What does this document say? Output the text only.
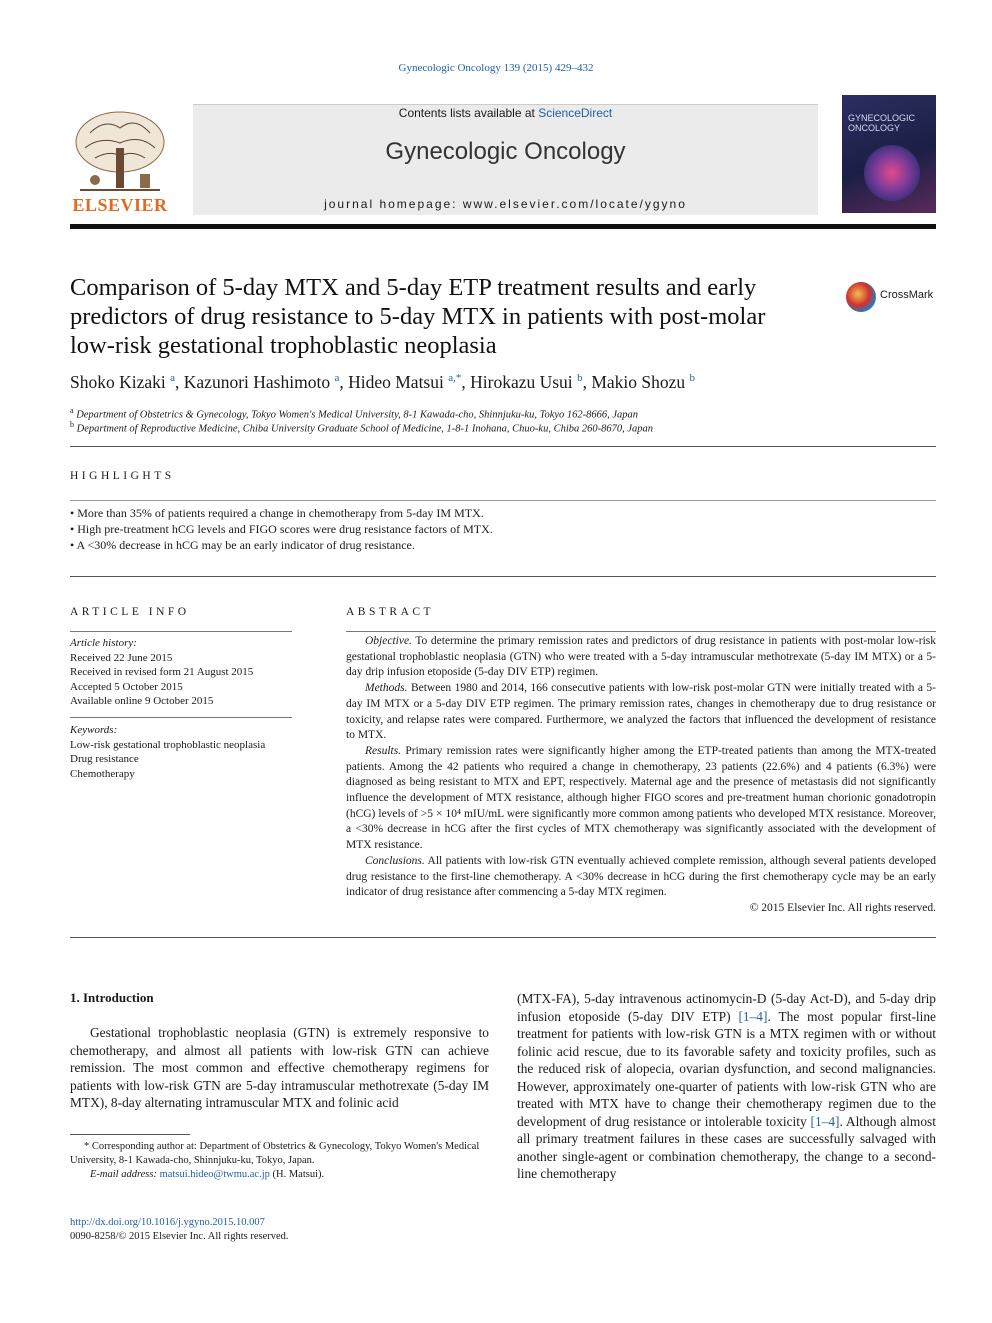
Gynecologic Oncology 139 (2015) 429–432
ELSEVIER
Contents lists available at ScienceDirect
Gynecologic Oncology
journal homepage: www.elsevier.com/locate/ygyno
GYNECOLOGIC ONCOLOGY
Comparison of 5-day MTX and 5-day ETP treatment results and early predictors of drug resistance to 5-day MTX in patients with post-molar low-risk gestational trophoblastic neoplasia
CrossMark
Shoko Kizaki $^a$, Kazunori Hashimoto $^a$, Hideo Matsui $^{a,*}$, Hirokazu Usui $^b$, Makio Shozu $^b$
$^a$ Department of Obstetrics & Gynecology, Tokyo Women's Medical University, 8-1 Kawada-cho, Shinnjuku-ku, Tokyo 162-8666, Japan
$^b$ Department of Reproductive Medicine, Chiba University Graduate School of Medicine, 1-8-1 Inohana, Chuo-ku, Chiba 260-8670, Japan
HIGHLIGHTS
• More than 35% of patients required a change in chemotherapy from 5-day IM MTX.
• High pre-treatment hCG levels and FIGO scores were drug resistance factors of MTX.
• A <30% decrease in hCG may be an early indicator of drug resistance.
ARTICLE INFO
Article history:
Received 22 June 2015
Received in revised form 21 August 2015
Accepted 5 October 2015
Available online 9 October 2015
Keywords:
Low-risk gestational trophoblastic neoplasia
Drug resistance
Chemotherapy
ABSTRACT

Objective. To determine the primary remission rates and predictors of drug resistance in patients with post-molar low-risk gestational trophoblastic neoplasia (GTN) who were treated with a 5-day intramuscular methotrexate (5-day IM MTX) or a 5-day drip infusion etoposide (5-day DIV ETP) regimen.

Methods. Between 1980 and 2014, 166 consecutive patients with low-risk post-molar GTN were initially treated with a 5-day IM MTX or a 5-day DIV ETP regimen. The primary remission rates, changes in chemotherapy due to drug resistance or toxicity, and relapse rates were compared. Furthermore, we analyzed the factors that influenced the development of resistance to MTX.

Results. Primary remission rates were significantly higher among the ETP-treated patients than among the MTX-treated patients. Among the 42 patients who required a change in chemotherapy, 23 patients (22.6%) and 4 patients (6.3%) were diagnosed as being resistant to MTX and EPT, respectively. Maternal age and the presence of metastasis did not significantly influence the development of MTX resistance, although higher FIGO scores and pre-treatment human chorionic gonadotropin (hCG) levels of >5 × 10⁴ mIU/mL were significantly more common among patients who developed MTX resistance. Moreover, a <30% decrease in hCG after the first cycles of MTX chemotherapy was significantly associated with the development of MTX resistance.

Conclusions. All patients with low-risk GTN eventually achieved complete remission, although several patients developed drug resistance to the first-line chemotherapy. A <30% decrease in hCG during the first chemotherapy cycle may be an early indicator of drug resistance after commencing a 5-day MTX regimen.

© 2015 Elsevier Inc. All rights reserved.

1. Introduction

Gestational trophoblastic neoplasia (GTN) is extremely responsive to chemotherapy, and almost all patients with low-risk GTN can achieve remission. The most common and effective chemotherapy regimens for patients with low-risk GTN are 5-day intramuscular methotrexate (5-day IM MTX), 8-day alternating intramuscular MTX and folinic acid

(MTX-FA), 5-day intravenous actinomycin-D (5-day Act-D), and 5-day drip infusion etoposide (5-day DIV ETP) [1–4]. The most popular first-line treatment for patients with low-risk GTN is a MTX regimen with or without folinic acid rescue, due to its favorable safety and toxicity profiles, such as the reduced risk of alopecia, ovarian dysfunction, and second malignancies. However, approximately one-quarter of patients with low-risk GTN who are treated with MTX have to change their chemotherapy regimen due to the development of drug resistance or intolerable toxicity [1–4]. Although almost all primary treatment failures in these cases are successfully salvaged with another single-agent or combination chemotherapy, the change to a second-line chemotherapy

* Corresponding author at: Department of Obstetrics & Gynecology, Tokyo Women's Medical University, 8-1 Kawada-cho, Shinnjuku-ku, Tokyo, Japan.
E-mail address: matsui.hideo@twmu.ac.jp (H. Matsui).
http://dx.doi.org/10.1016/j.ygyno.2015.10.007
0090-8258/© 2015 Elsevier Inc. All rights reserved.
